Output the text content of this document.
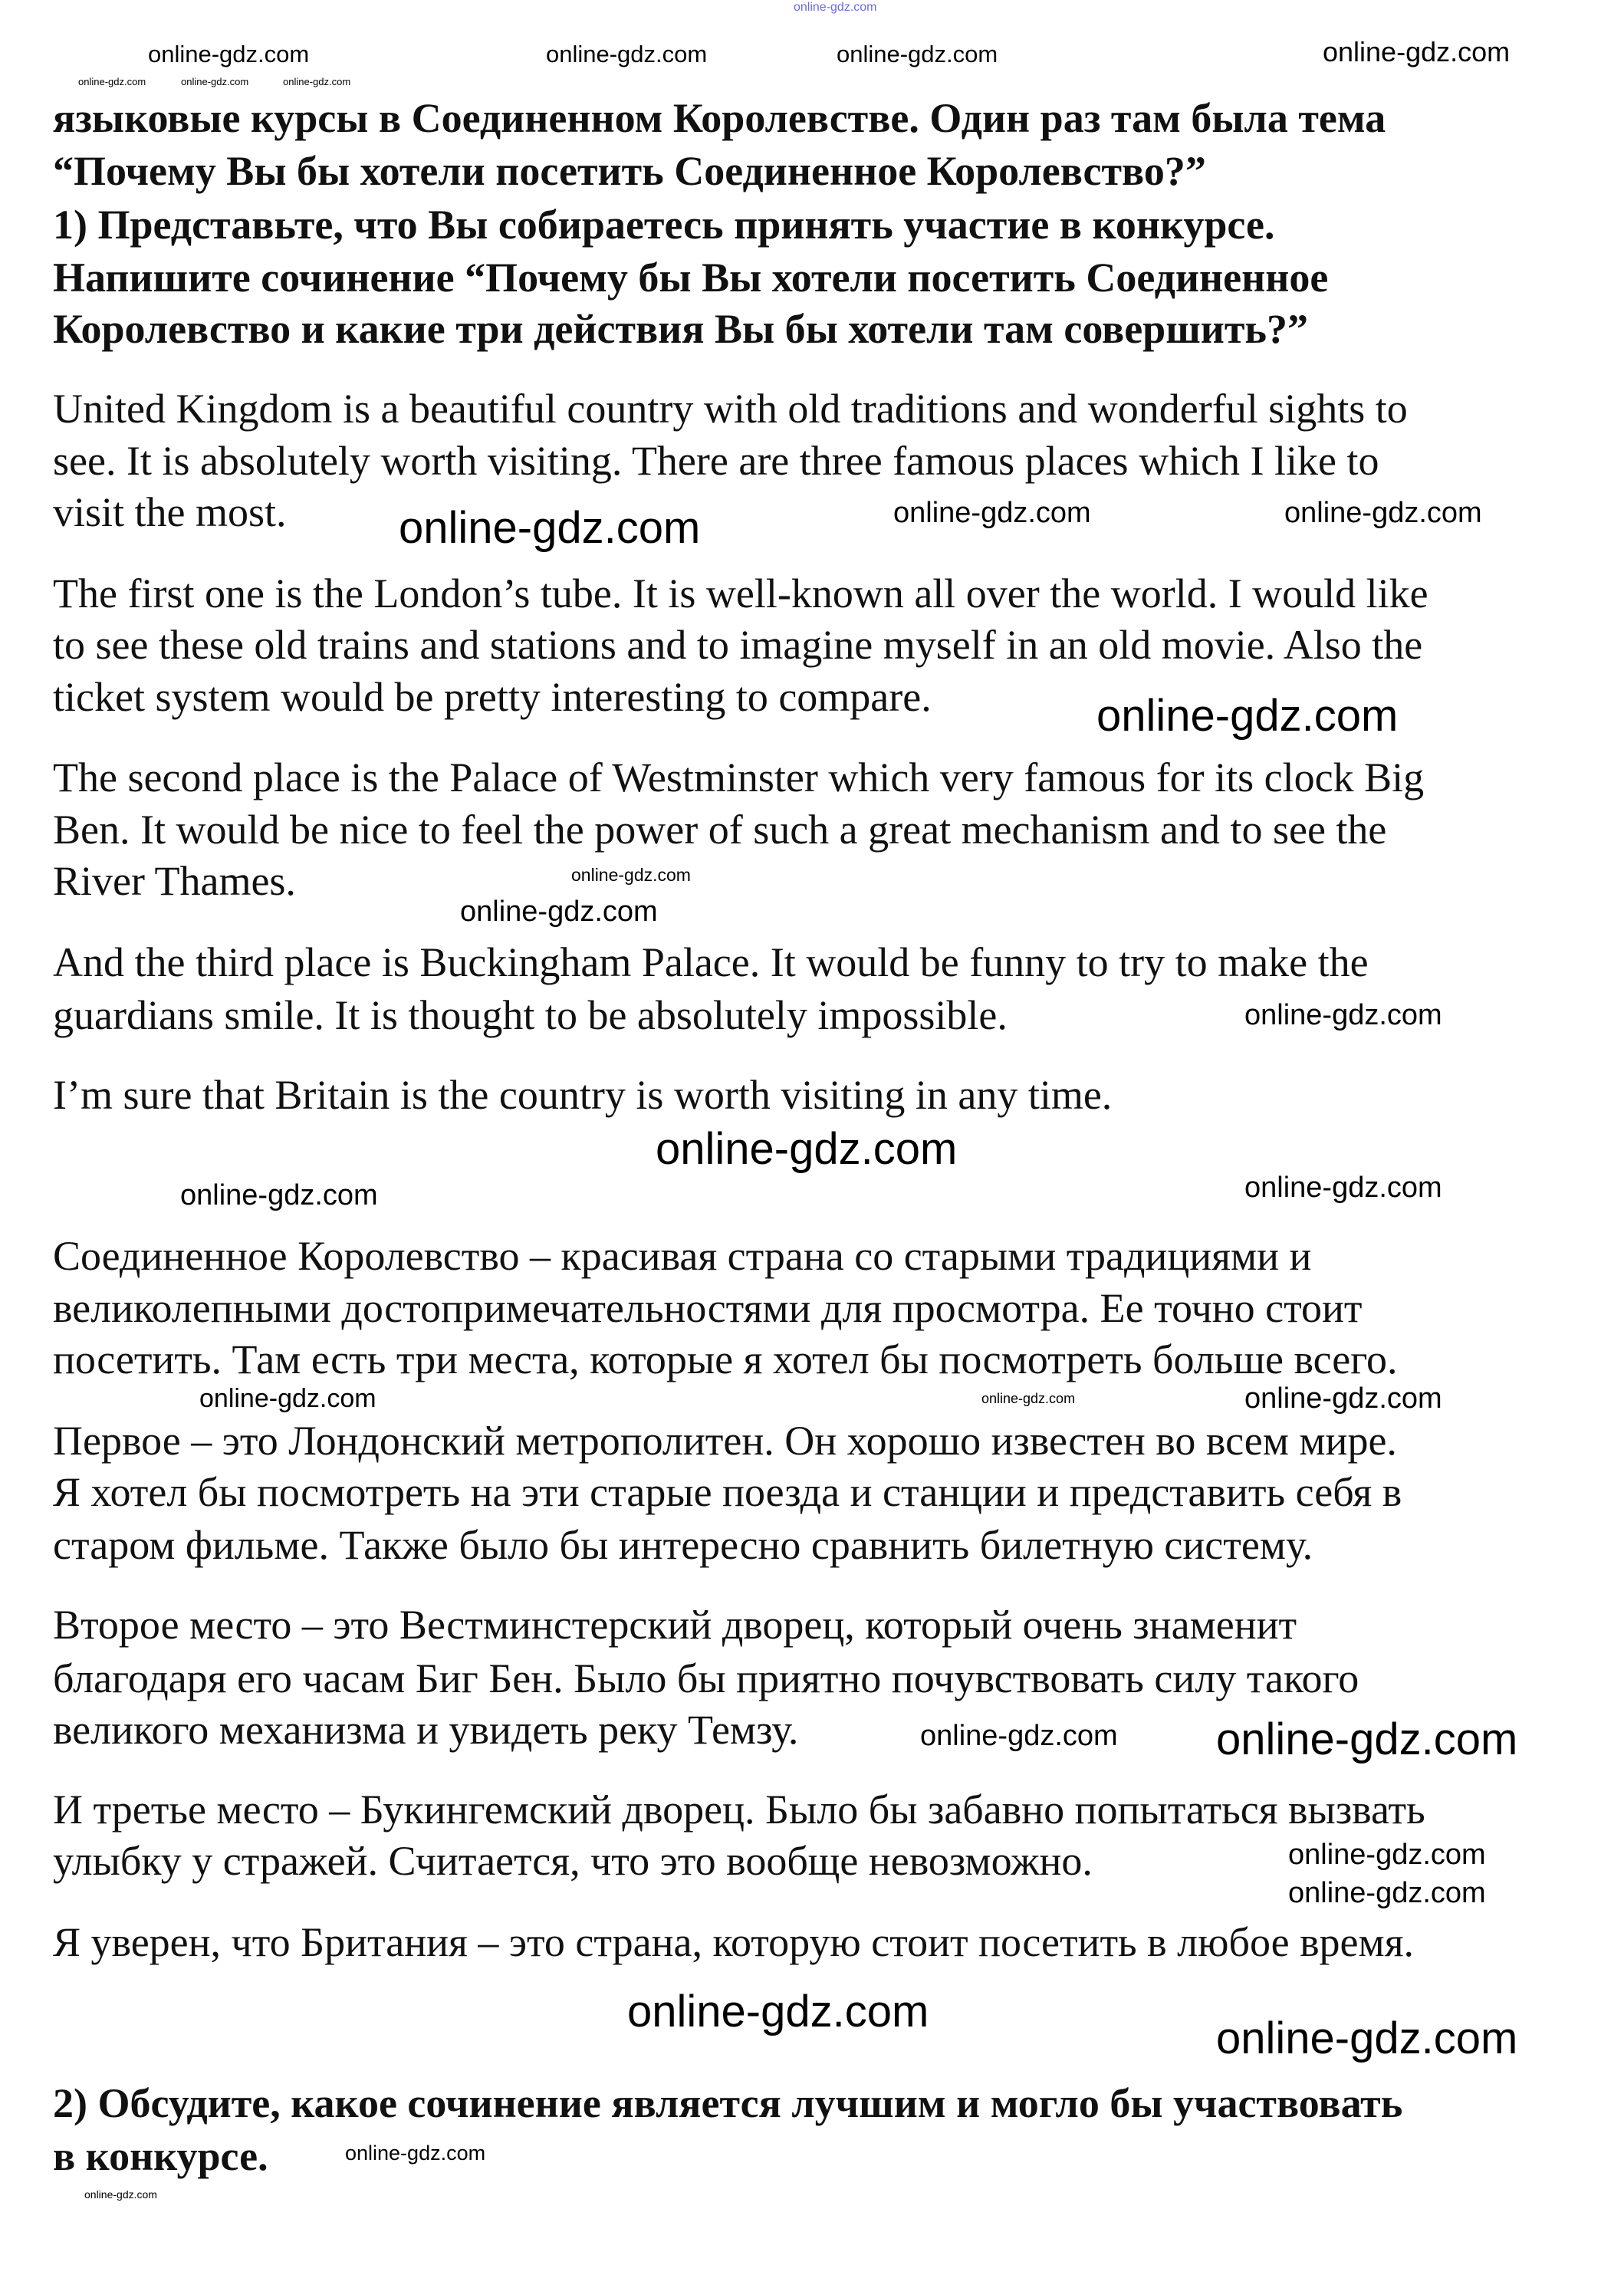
языковые курсы в Соединенном Королевстве. Один раз там была тема
“Почему Вы бы хотели посетить Соединенное Королевство?”
1) Представьте, что Вы собираетесь принять участие в конкурсе.
Напишите сочинение “Почему бы Вы хотели посетить Соединенное
Королевство и какие три действия Вы бы хотели там совершить?”
United Kingdom is a beautiful country with old traditions and wonderful sights to
see. It is absolutely worth visiting. There are three famous places which I like to
visit the most.
The first one is the London’s tube. It is well-known all over the world. I would like
to see these old trains and stations and to imagine myself in an old movie. Also the
ticket system would be pretty interesting to compare.
The second place is the Palace of Westminster which very famous for its clock Big
Ben. It would be nice to feel the power of such a great mechanism and to see the
River Thames.
And the third place is Buckingham Palace. It would be funny to try to make the
guardians smile. It is thought to be absolutely impossible.
I’m sure that Britain is the country is worth visiting in any time.
Соединенное Королевство – красивая страна со старыми традициями и
великолепными достопримечательностями для просмотра. Ее точно стоит
посетить. Там есть три места, которые я хотел бы посмотреть больше всего.
Первое – это Лондонский метрополитен. Он хорошо известен во всем мире.
Я хотел бы посмотреть на эти старые поезда и станции и представить себя в
старом фильме. Также было бы интересно сравнить билетную систему.
Второе место – это Вестминстерский дворец, который очень знаменит
благодаря его часам Биг Бен. Было бы приятно почувствовать силу такого
великого механизма и увидеть реку Темзу.
И третье место – Букингемский дворец. Было бы забавно попытаться вызвать
улыбку у стражей. Считается, что это вообще невозможно.
Я уверен, что Британия – это страна, которую стоит посетить в любое время.
2) Обсудите, какое сочинение является лучшим и могло бы участвовать
в конкурсе.
online-gdz.com
online-gdz.com	online-gdz.com	online-gdz.com
online-gdz.com	online-gdz.com	online-gdz.com
online-gdz.com
online-gdz.com	online-gdz.com
online-gdz.com
online-gdz.com
online-gdz.com
online-gdz.com
online-gdz.com
online-gdz.com
online-gdz.com	online-gdz.com
online-gdz.com	online-gdz.com	online-gdz.com
online-gdz.com
online-gdz.com
online-gdz.com
online-gdz.com
online-gdz.com
online-gdz.com
online-gdz.com
online-gdz.com
